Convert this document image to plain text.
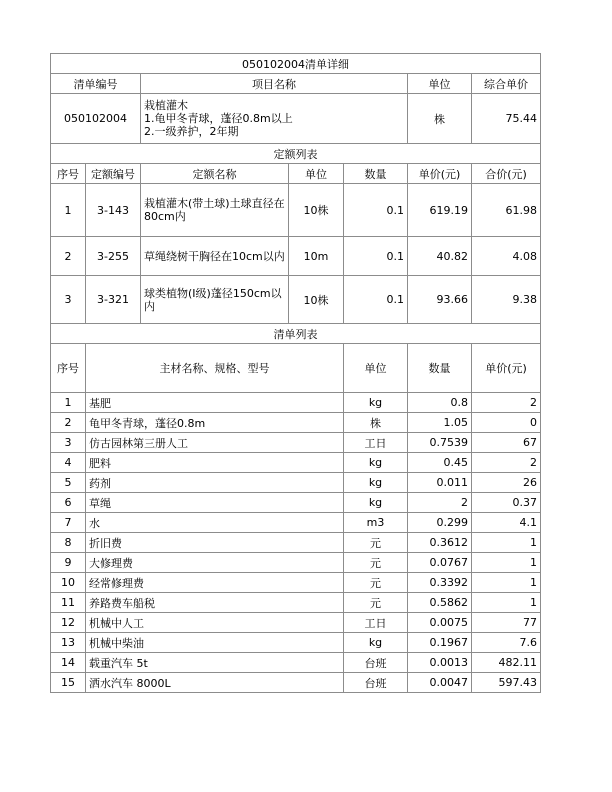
050102004清单详细							
清单编号		项目名称			单位	综合单价	
050102004		栽植灌木
1.龟甲冬青球，蓬径0.8m以上
2.一级养护，2年期			株	75.44	
定额列表							
序号	定额编号	定额名称	单位	数量	单价(元)	合价(元)	
1	3-143	栽植灌木(带土球)土球直径在80cm内	10株	0.1	619.19	61.98	
2	3-255	草绳绕树干胸径在10cm以内	10m	0.1	40.82	4.08	
3	3-321	球类植物(I级)蓬径150cm以内	10株	0.1	93.66	9.38	
清单列表							
序号	主材名称、规格、型号			单位	数量	单价(元)	
1	基肥			kg	0.8	2	
2	龟甲冬青球，蓬径0.8m			株	1.05	0	
3	仿古园林第三册人工			工日	0.7539	67	
4	肥料			kg	0.45	2	
5	药剂			kg	0.011	26	
6	草绳			kg	2	0.37	
7	水			m3	0.299	4.1	
8	折旧费			元	0.3612	1	
9	大修理费			元	0.0767	1	
10	经常修理费			元	0.3392	1	
11	养路费车船税			元	0.5862	1	
12	机械中人工			工日	0.0075	77	
13	机械中柴油			kg	0.1967	7.6	
14	载重汽车 5t			台班	0.0013	482.11	
15	洒水汽车 8000L			台班	0.0047	597.43	
